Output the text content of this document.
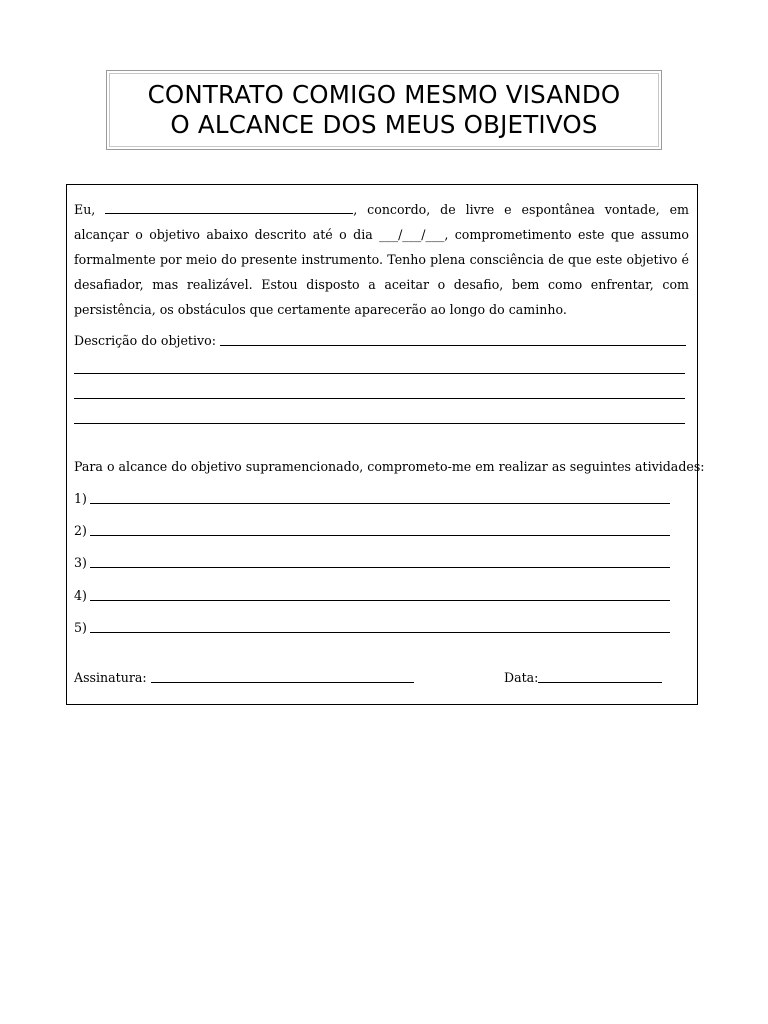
CONTRATO COMIGO MESMO VISANDO
O ALCANCE DOS MEUS OBJETIVOS
Eu,	, concordo, de livre e espontânea vontade, em alcançar o objetivo abaixo descrito até o dia ___/___/___, comprometimento este que assumo formalmente por meio do presente instrumento. Tenho plena consciência de que este objetivo é desafiador, mas realizável. Estou disposto a aceitar o desafio, bem como enfrentar, com persistência, os obstáculos que certamente aparecerão ao longo do caminho.
Descrição do objetivo:
Para o alcance do objetivo supramencionado, comprometo-me em realizar as seguintes atividades:
1)
2)
3)
4)
5)
Assinatura:	Data:
